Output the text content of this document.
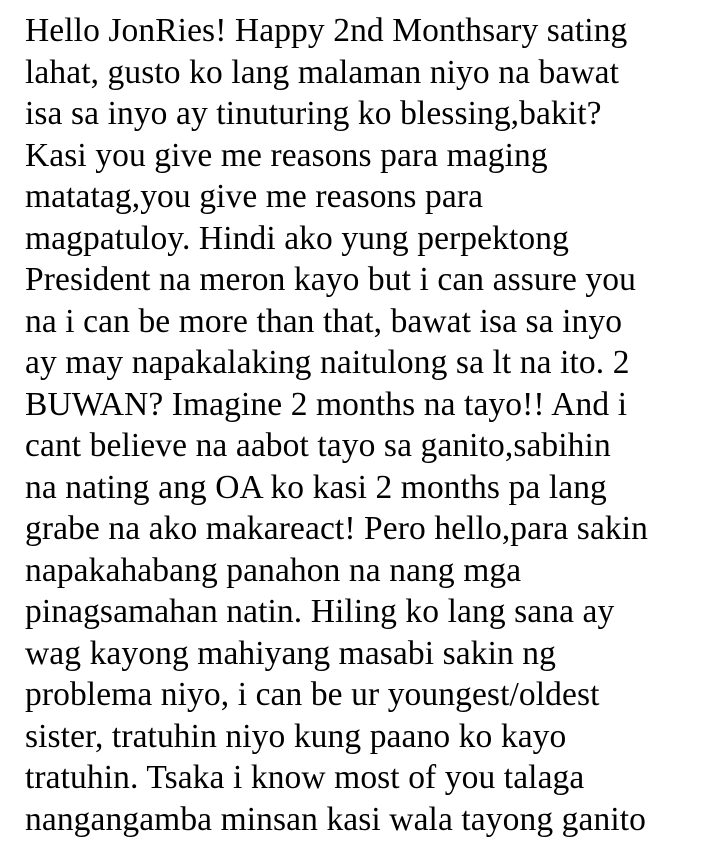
Hello JonRies! Happy 2nd Monthsary sating
lahat, gusto ko lang malaman niyo na bawat
isa sa inyo ay tinuturing ko blessing,bakit?
Kasi you give me reasons para maging
matatag,you give me reasons para
magpatuloy. Hindi ako yung perpektong
President na meron kayo but i can assure you
na i can be more than that, bawat isa sa inyo
ay may napakalaking naitulong sa lt na ito. 2
BUWAN? Imagine 2 months na tayo!! And i
cant believe na aabot tayo sa ganito,sabihin
na nating ang OA ko kasi 2 months pa lang
grabe na ako makareact! Pero hello,para sakin
napakahabang panahon na nang mga
pinagsamahan natin. Hiling ko lang sana ay
wag kayong mahiyang masabi sakin ng
problema niyo, i can be ur youngest/oldest
sister, tratuhin niyo kung paano ko kayo
tratuhin. Tsaka i know most of you talaga
nangangamba minsan kasi wala tayong ganito
